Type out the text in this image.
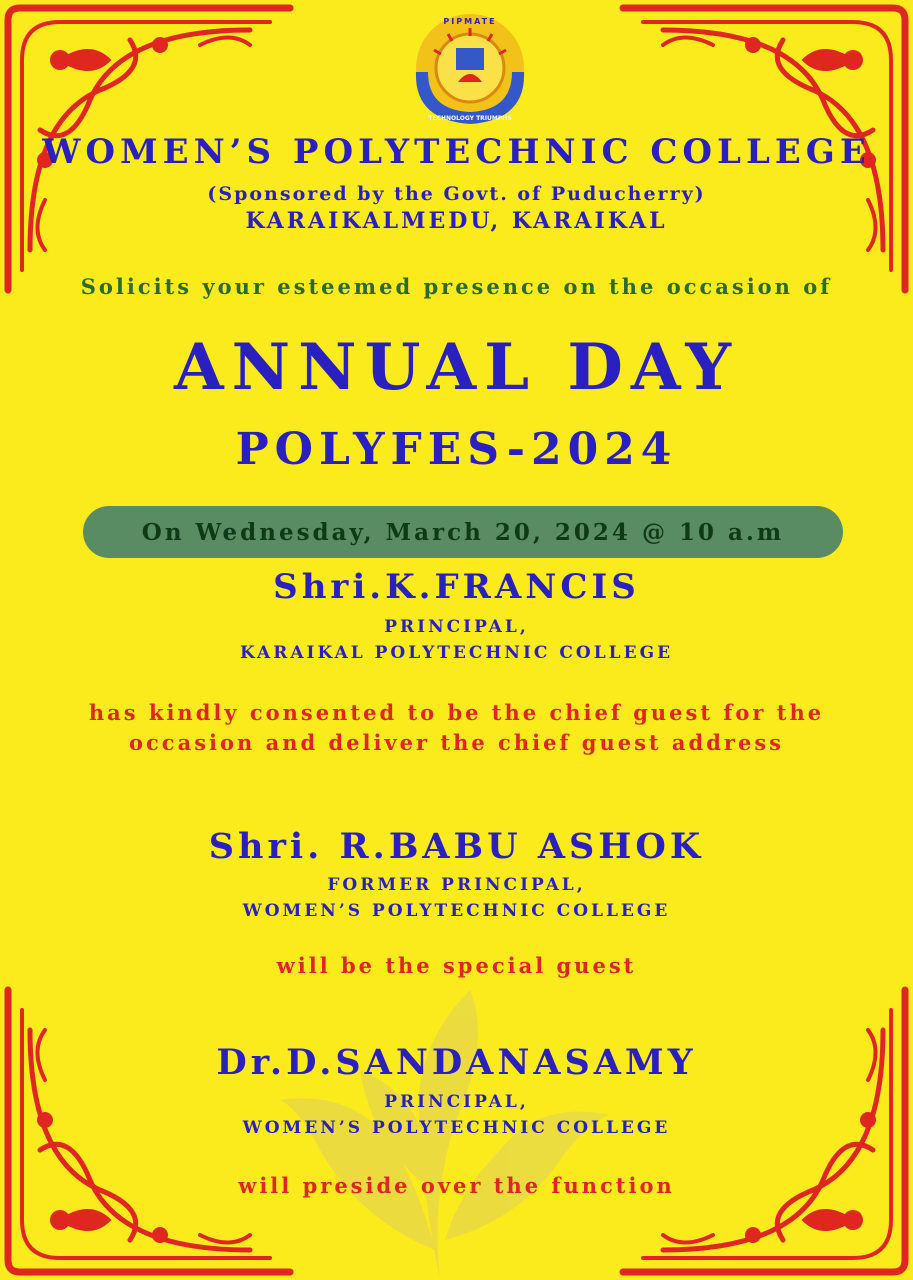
PIPMATE
TECHNOLOGY TRIUMPHS
WOMEN’S POLYTECHNIC COLLEGE
(Sponsored by the Govt. of Puducherry)
KARAIKALMEDU, KARAIKAL
Solicits your esteemed presence on the occasion of
ANNUAL DAY
POLYFES-2024
On Wednesday, March 20, 2024 @ 10 a.m
Shri.K.FRANCIS
PRINCIPAL,
KARAIKAL POLYTECHNIC COLLEGE
has kindly consented to be the chief guest for the
occasion and deliver the chief guest address
Shri. R.BABU ASHOK
FORMER PRINCIPAL,
WOMEN’S POLYTECHNIC COLLEGE
will be the special guest
Dr.D.SANDANASAMY
PRINCIPAL,
WOMEN’S POLYTECHNIC COLLEGE
will preside over the function
